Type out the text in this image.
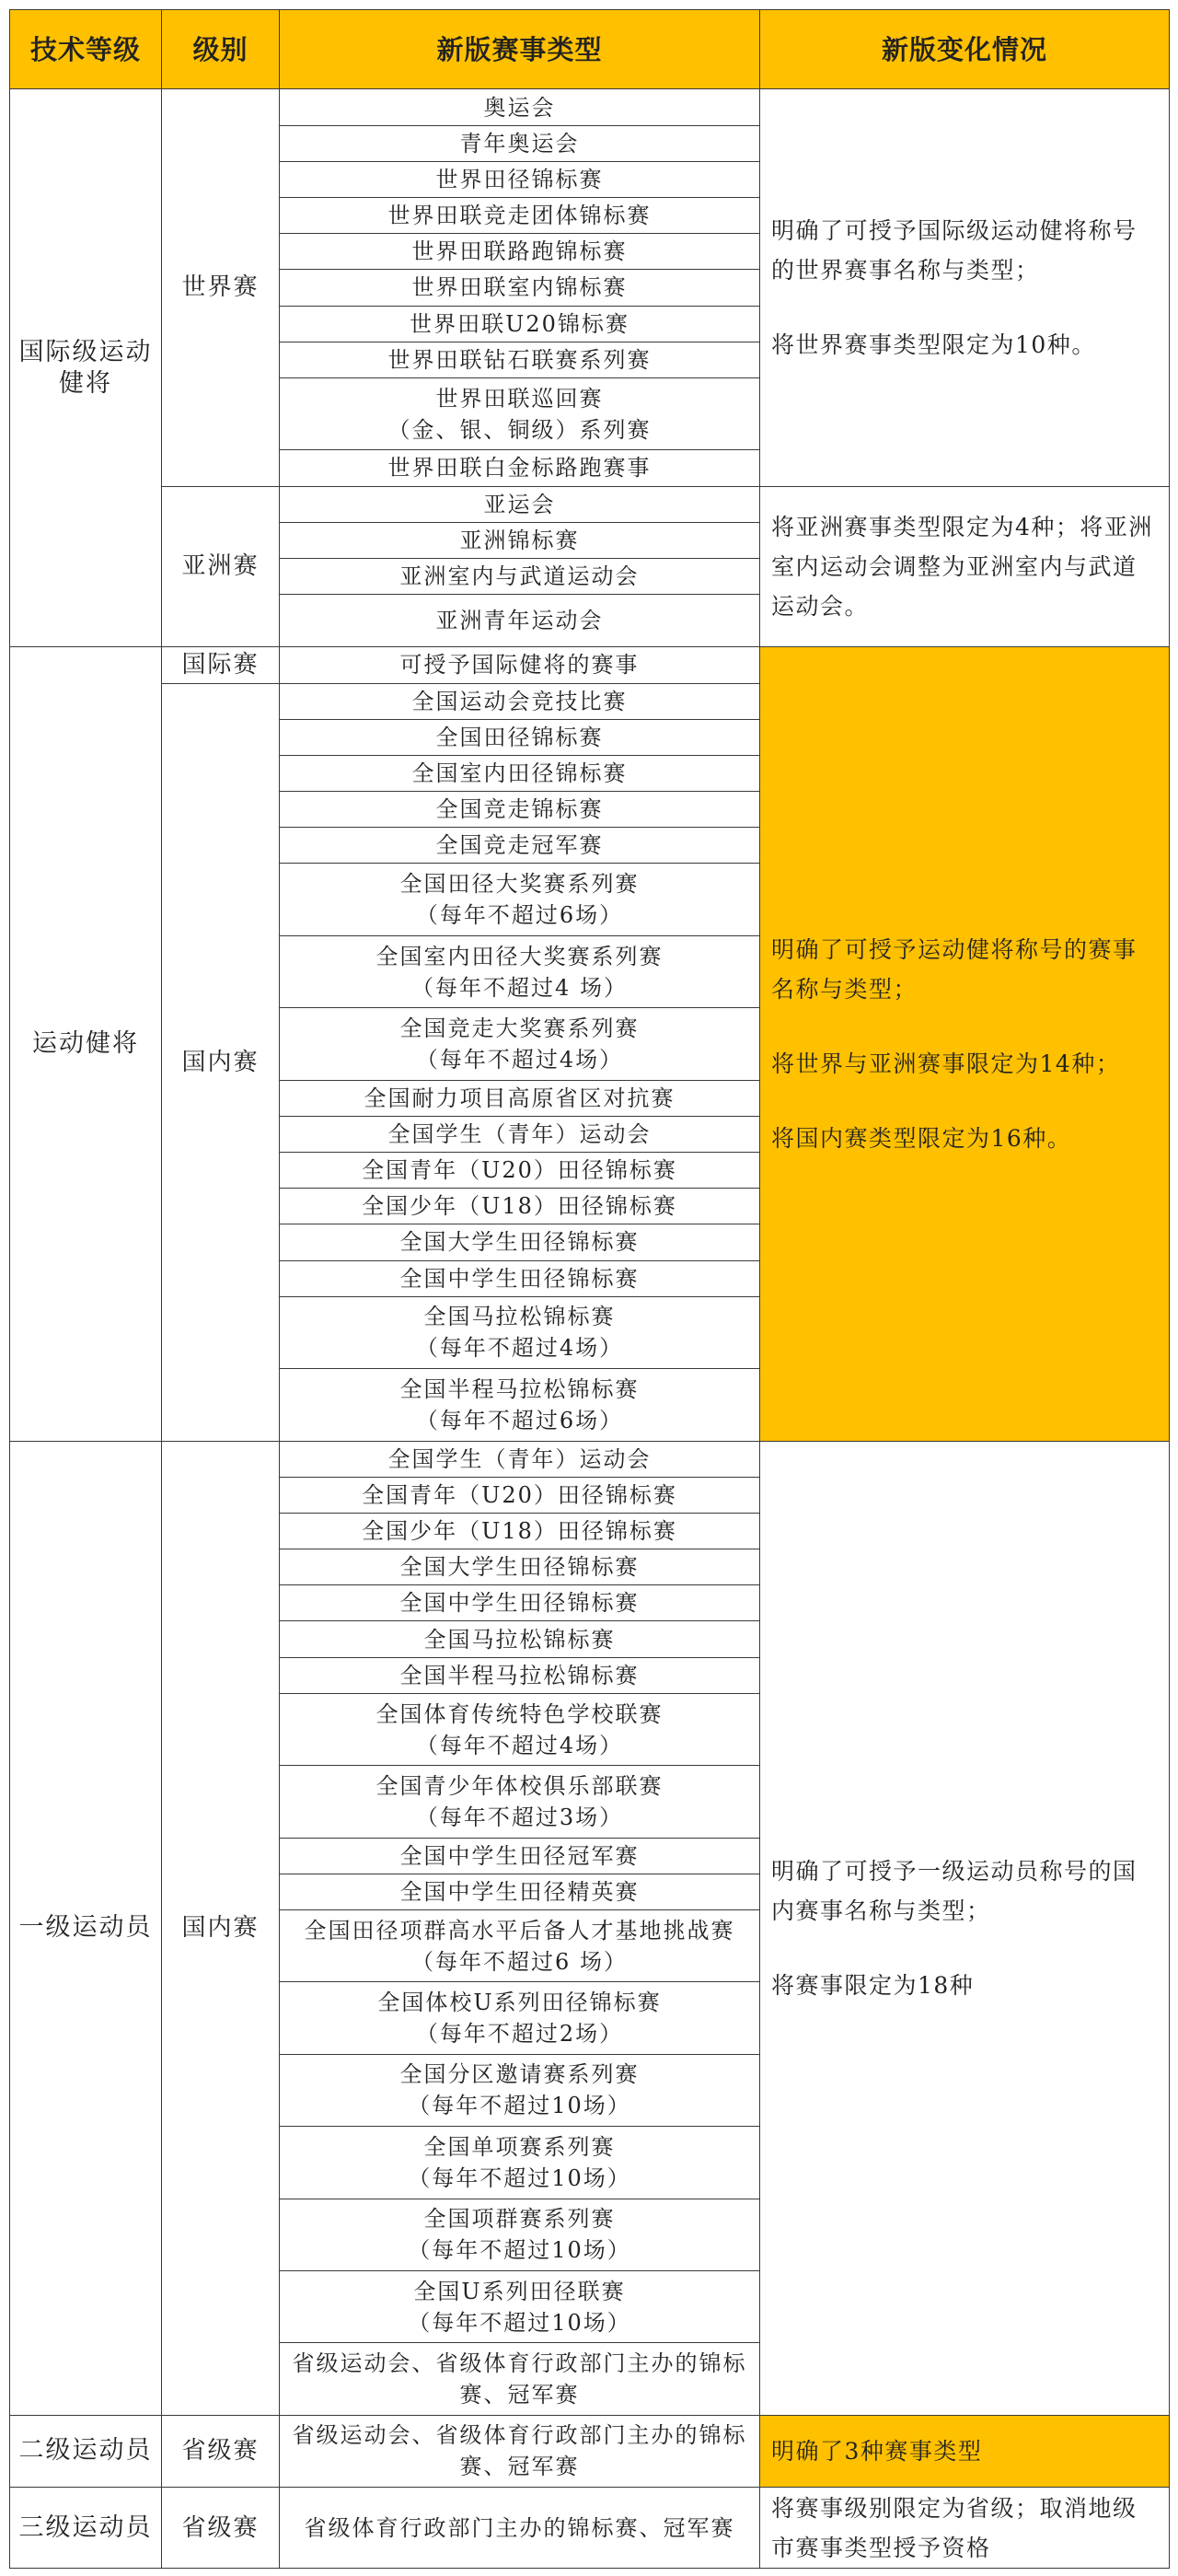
技术等级	级别	新版赛事类型	新版变化情况
国际级运动健将	世界赛	奥运会	明确了可授予国际级运动健将称号的世界赛事名称与类型；
将世界赛事类型限定为10种。

		青年奥运会	
		世界田径锦标赛	
		世界田联竞走团体锦标赛	
		世界田联路跑锦标赛	
		世界田联室内锦标赛	
		世界田联U20锦标赛	
		世界田联钻石联赛系列赛	
		世界田联巡回赛
（金、银、铜级）系列赛	
		世界田联白金标路跑赛事	
	亚洲赛	亚运会	将亚洲赛事类型限定为4种；将亚洲室内运动会调整为亚洲室内与武道运动会。

		亚洲锦标赛	
		亚洲室内与武道运动会	
		亚洲青年运动会	
运动健将	国际赛	可授予国际健将的赛事	明确了可授予运动健将称号的赛事名称与类型；
将世界与亚洲赛事限定为14种；
将国内赛类型限定为16种。

	国内赛	全国运动会竞技比赛	
		全国田径锦标赛	
		全国室内田径锦标赛	
		全国竞走锦标赛	
		全国竞走冠军赛	
		全国田径大奖赛系列赛
（每年不超过6场）	
		全国室内田径大奖赛系列赛
（每年不超过4 场）	
		全国竞走大奖赛系列赛
（每年不超过4场）	
		全国耐力项目高原省区对抗赛	
		全国学生（青年）运动会	
		全国青年（U20）田径锦标赛	
		全国少年（U18）田径锦标赛	
		全国大学生田径锦标赛	
		全国中学生田径锦标赛	
		全国马拉松锦标赛
（每年不超过4场）	
		全国半程马拉松锦标赛
（每年不超过6场）	
一级运动员	国内赛	全国学生（青年）运动会	明确了可授予一级运动员称号的国内赛事名称与类型；
将赛事限定为18种

		全国青年（U20）田径锦标赛	
		全国少年（U18）田径锦标赛	
		全国大学生田径锦标赛	
		全国中学生田径锦标赛	
		全国马拉松锦标赛	
		全国半程马拉松锦标赛	
		全国体育传统特色学校联赛
（每年不超过4场）	
		全国青少年体校俱乐部联赛
（每年不超过3场）	
		全国中学生田径冠军赛	
		全国中学生田径精英赛	
		全国田径项群高水平后备人才基地挑战赛（每年不超过6 场）	
		全国体校U系列田径锦标赛
（每年不超过2场）	
		全国分区邀请赛系列赛
（每年不超过10场）	
		全国单项赛系列赛
（每年不超过10场）	
		全国项群赛系列赛
（每年不超过10场）	
		全国U系列田径联赛
（每年不超过10场）	
		省级运动会、省级体育行政部门主办的锦标赛、冠军赛	
二级运动员	省级赛	省级运动会、省级体育行政部门主办的锦标赛、冠军赛	明确了3种赛事类型

三级运动员	省级赛	省级体育行政部门主办的锦标赛、冠军赛	将赛事级别限定为省级；取消地级市赛事类型授予资格
